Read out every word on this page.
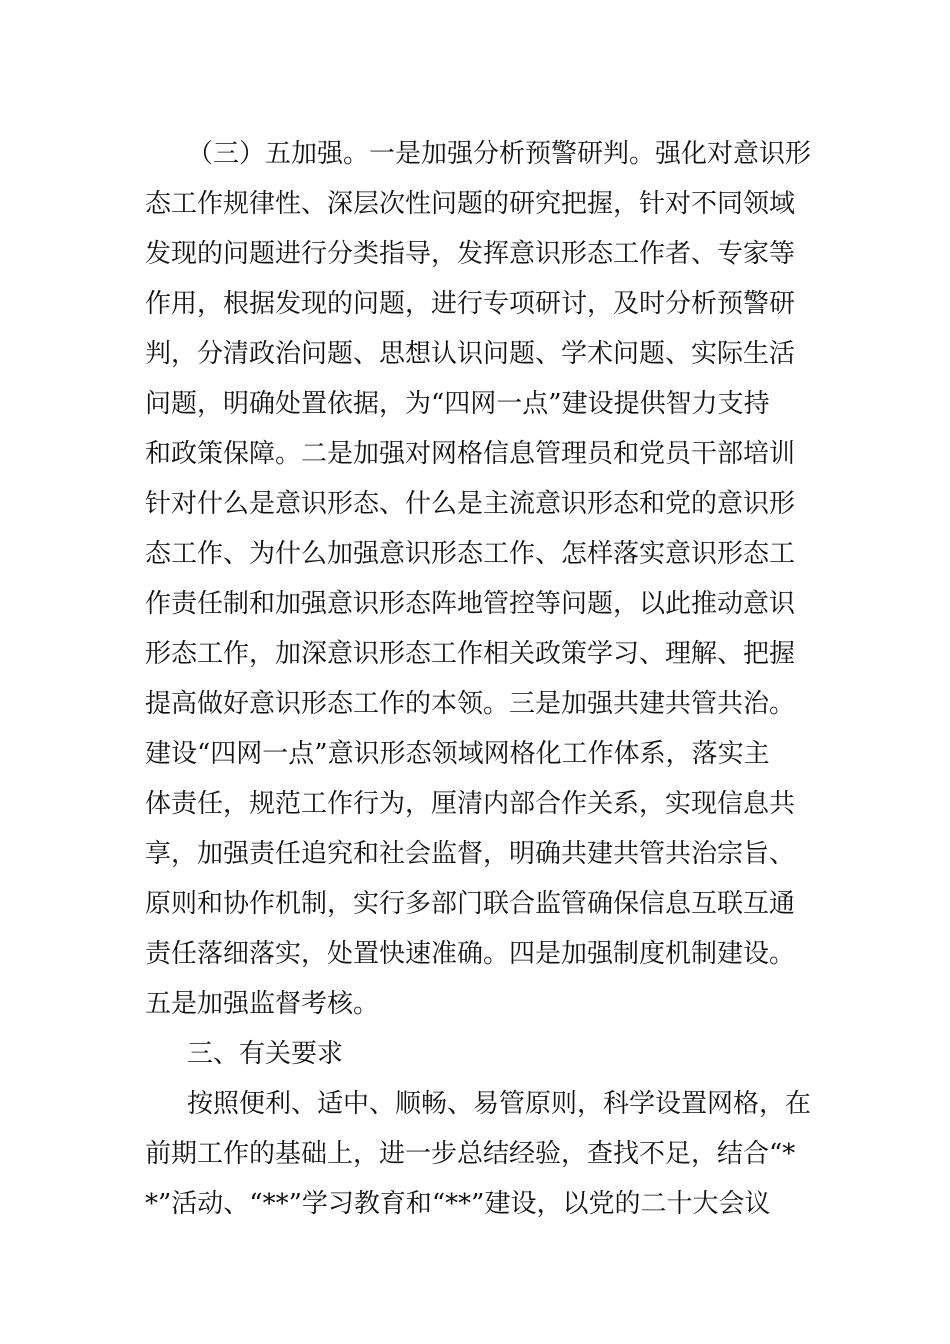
（三）五加强。一是加强分析预警研判。强化对意识形
态工作规律性、深层次性问题的研究把握，针对不同领域
发现的问题进行分类指导，发挥意识形态工作者、专家等
作用，根据发现的问题，进行专项研讨，及时分析预警研
判，分清政治问题、思想认识问题、学术问题、实际生活
问题，明确处置依据，为“四网一点”建设提供智力支持
和政策保障。二是加强对网格信息管理员和党员干部培训
针对什么是意识形态、什么是主流意识形态和党的意识形
态工作、为什么加强意识形态工作、怎样落实意识形态工
作责任制和加强意识形态阵地管控等问题，以此推动意识
形态工作，加深意识形态工作相关政策学习、理解、把握
提高做好意识形态工作的本领。三是加强共建共管共治。
建设“四网一点”意识形态领域网格化工作体系，落实主
体责任，规范工作行为，厘清内部合作关系，实现信息共
享，加强责任追究和社会监督，明确共建共管共治宗旨、
原则和协作机制，实行多部门联合监管确保信息互联互通
责任落细落实，处置快速准确。四是加强制度机制建设。
五是加强监督考核。
三、有关要求
按照便利、适中、顺畅、易管原则，科学设置网格，在
前期工作的基础上，进一步总结经验，查找不足，结合“*
*”活动、“**”学习教育和“**”建设，以党的二十大会议
